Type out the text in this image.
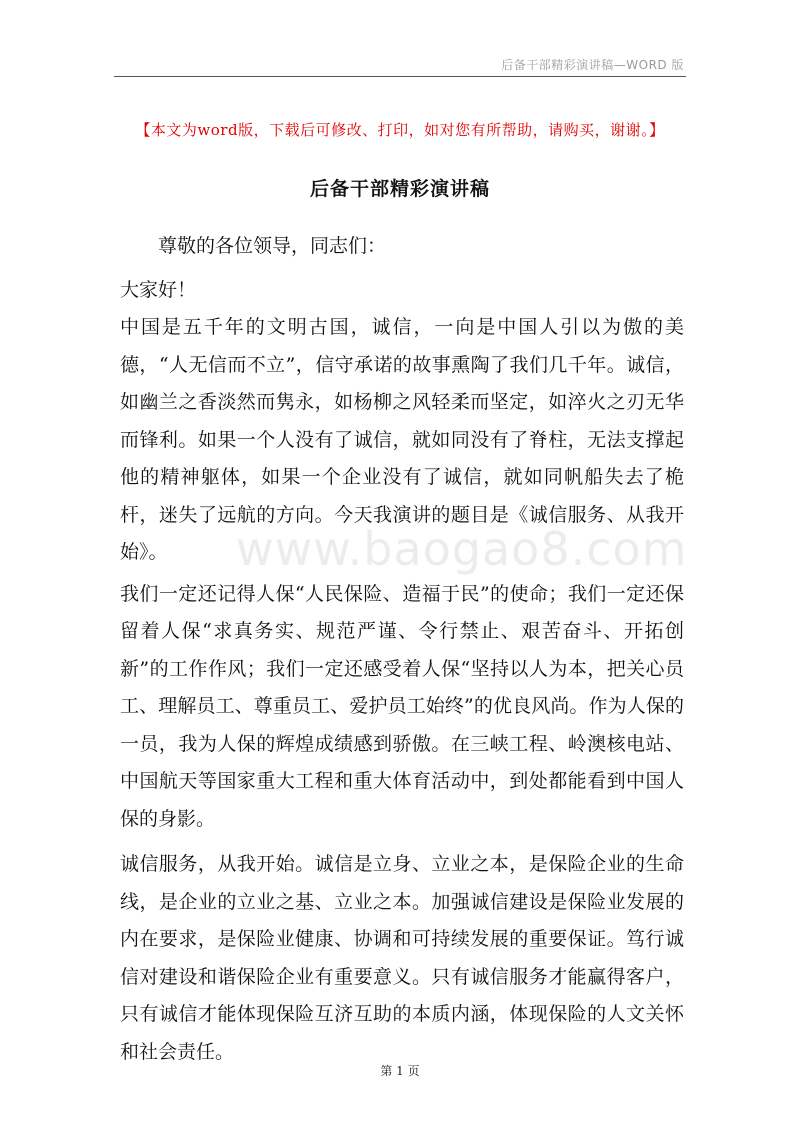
后备干部精彩演讲稿—WORD 版
【本文为word版，下载后可修改、打印，如对您有所帮助，请购买，谢谢。】
后备干部精彩演讲稿

尊敬的各位领导，同志们：

大家好！

中国是五千年的文明古国，诚信，一向是中国人引以为傲的美德，“人无信而不立”，信守承诺的故事熏陶了我们几千年。诚信，如幽兰之香淡然而隽永，如杨柳之风轻柔而坚定，如淬火之刃无华而锋利。如果一个人没有了诚信，就如同没有了脊柱，无法支撑起他的精神躯体，如果一个企业没有了诚信，就如同帆船失去了桅杆，迷失了远航的方向。今天我演讲的题目是《诚信服务、从我开始》。

我们一定还记得人保“人民保险、造福于民”的使命；我们一定还保留着人保“求真务实、规范严谨、令行禁止、艰苦奋斗、开拓创新”的工作作风；我们一定还感受着人保“坚持以人为本，把关心员工、理解员工、尊重员工、爱护员工始终”的优良风尚。作为人保的一员，我为人保的辉煌成绩感到骄傲。在三峡工程、岭澳核电站、中国航天等国家重大工程和重大体育活动中，到处都能看到中国人保的身影。

诚信服务，从我开始。诚信是立身、立业之本，是保险企业的生命线，是企业的立业之基、立业之本。加强诚信建设是保险业发展的内在要求，是保险业健康、协调和可持续发展的重要保证。笃行诚信对建设和谐保险企业有重要意义。只有诚信服务才能赢得客户，只有诚信才能体现保险互济互助的本质内涵，体现保险的人文关怀和社会责任。

www.baogao8.com
第 1 页
